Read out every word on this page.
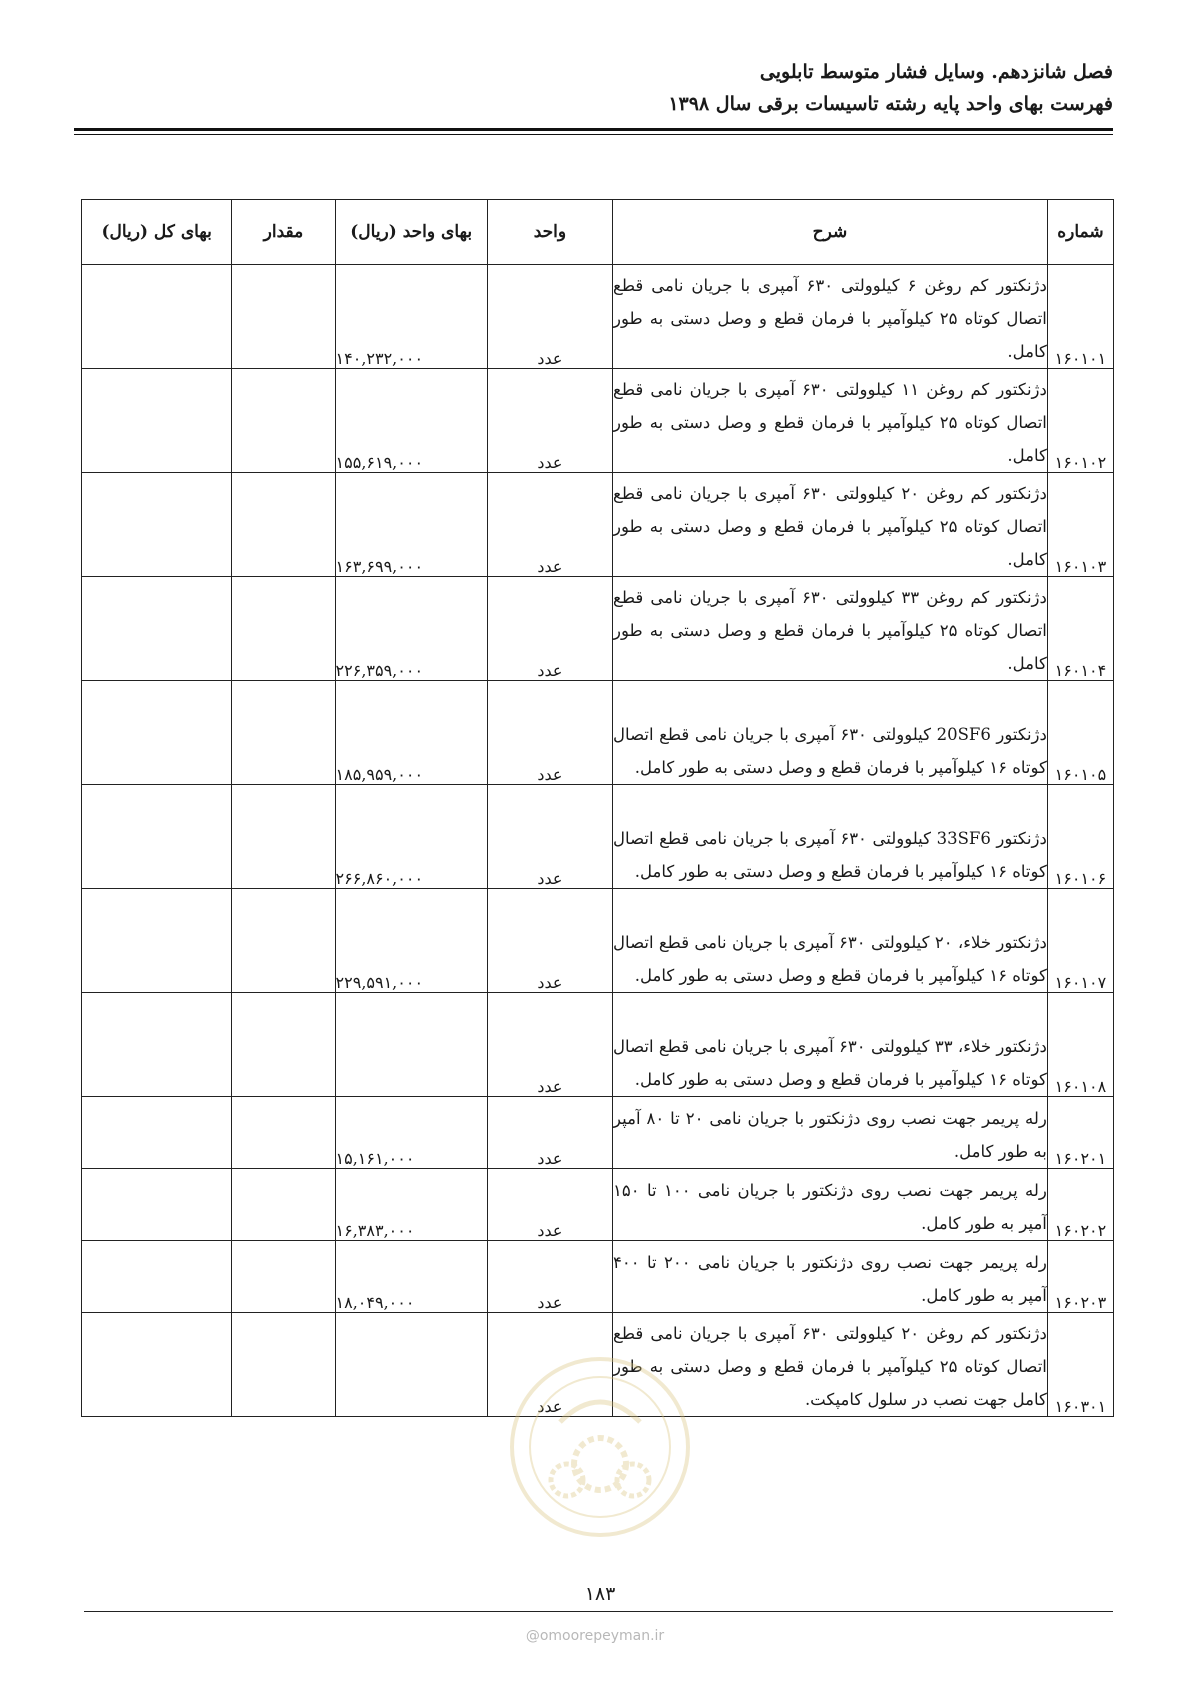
فصل شانزدهم. وسایل فشار متوسط تابلویی
فهرست بهای واحد پایه رشته تاسیسات برقی سال ۱۳۹۸
شماره	شرح	واحد	بهای واحد (ریال)	مقدار	بهای کل (ریال)
۱۶۰۱۰۱	دژنکتور کم روغن ۶ کیلوولتی ۶۳۰ آمپری با جریان نامی قطع اتصال کوتاه ۲۵ کیلوآمپر با فرمان قطع و وصل دستی به طور کامل.	عدد	۱۴۰,۲۳۲,۰۰۰		
۱۶۰۱۰۲	دژنکتور کم روغن ۱۱ کیلوولتی ۶۳۰ آمپری با جریان نامی قطع اتصال کوتاه ۲۵ کیلوآمپر با فرمان قطع و وصل دستی به طور کامل.	عدد	۱۵۵,۶۱۹,۰۰۰		
۱۶۰۱۰۳	دژنکتور کم روغن ۲۰ کیلوولتی ۶۳۰ آمپری با جریان نامی قطع اتصال کوتاه ۲۵ کیلوآمپر با فرمان قطع و وصل دستی به طور کامل.	عدد	۱۶۳,۶۹۹,۰۰۰		
۱۶۰۱۰۴	دژنکتور کم روغن ۳۳ کیلوولتی ۶۳۰ آمپری با جریان نامی قطع اتصال کوتاه ۲۵ کیلوآمپر با فرمان قطع و وصل دستی به طور کامل.	عدد	۲۲۶,۳۵۹,۰۰۰		
۱۶۰۱۰۵	دژنکتور 20SF6 کیلوولتی ۶۳۰ آمپری با جریان نامی قطع اتصال کوتاه ۱۶ کیلوآمپر با فرمان قطع و وصل دستی به طور کامل.	عدد	۱۸۵,۹۵۹,۰۰۰		
۱۶۰۱۰۶	دژنکتور 33SF6 کیلوولتی ۶۳۰ آمپری با جریان نامی قطع اتصال کوتاه ۱۶ کیلوآمپر با فرمان قطع و وصل دستی به طور کامل.	عدد	۲۶۶,۸۶۰,۰۰۰		
۱۶۰۱۰۷	دژنکتور خلاء، ۲۰ کیلوولتی ۶۳۰ آمپری با جریان نامی قطع اتصال کوتاه ۱۶ کیلوآمپر با فرمان قطع و وصل دستی به طور کامل.	عدد	۲۲۹,۵۹۱,۰۰۰		
۱۶۰۱۰۸	دژنکتور خلاء، ۳۳ کیلوولتی ۶۳۰ آمپری با جریان نامی قطع اتصال کوتاه ۱۶ کیلوآمپر با فرمان قطع و وصل دستی به طور کامل.	عدد			
۱۶۰۲۰۱	رله پریمر جهت نصب روی دژنکتور با جریان نامی ۲۰ تا ۸۰ آمپر به طور کامل.	عدد	۱۵,۱۶۱,۰۰۰		
۱۶۰۲۰۲	رله پریمر جهت نصب روی دژنکتور با جریان نامی ۱۰۰ تا ۱۵۰ آمپر به طور کامل.	عدد	۱۶,۳۸۳,۰۰۰		
۱۶۰۲۰۳	رله پریمر جهت نصب روی دژنکتور با جریان نامی ۲۰۰ تا ۴۰۰ آمپر به طور کامل.	عدد	۱۸,۰۴۹,۰۰۰		
۱۶۰۳۰۱	دژنکتور کم روغن ۲۰ کیلوولتی ۶۳۰ آمپری با جریان نامی قطع اتصال کوتاه ۲۵ کیلوآمپر با فرمان قطع و وصل دستی به طور کامل جهت نصب در سلول کامپکت.	عدد			
۱۸۳
@omoorepeyman.ir
